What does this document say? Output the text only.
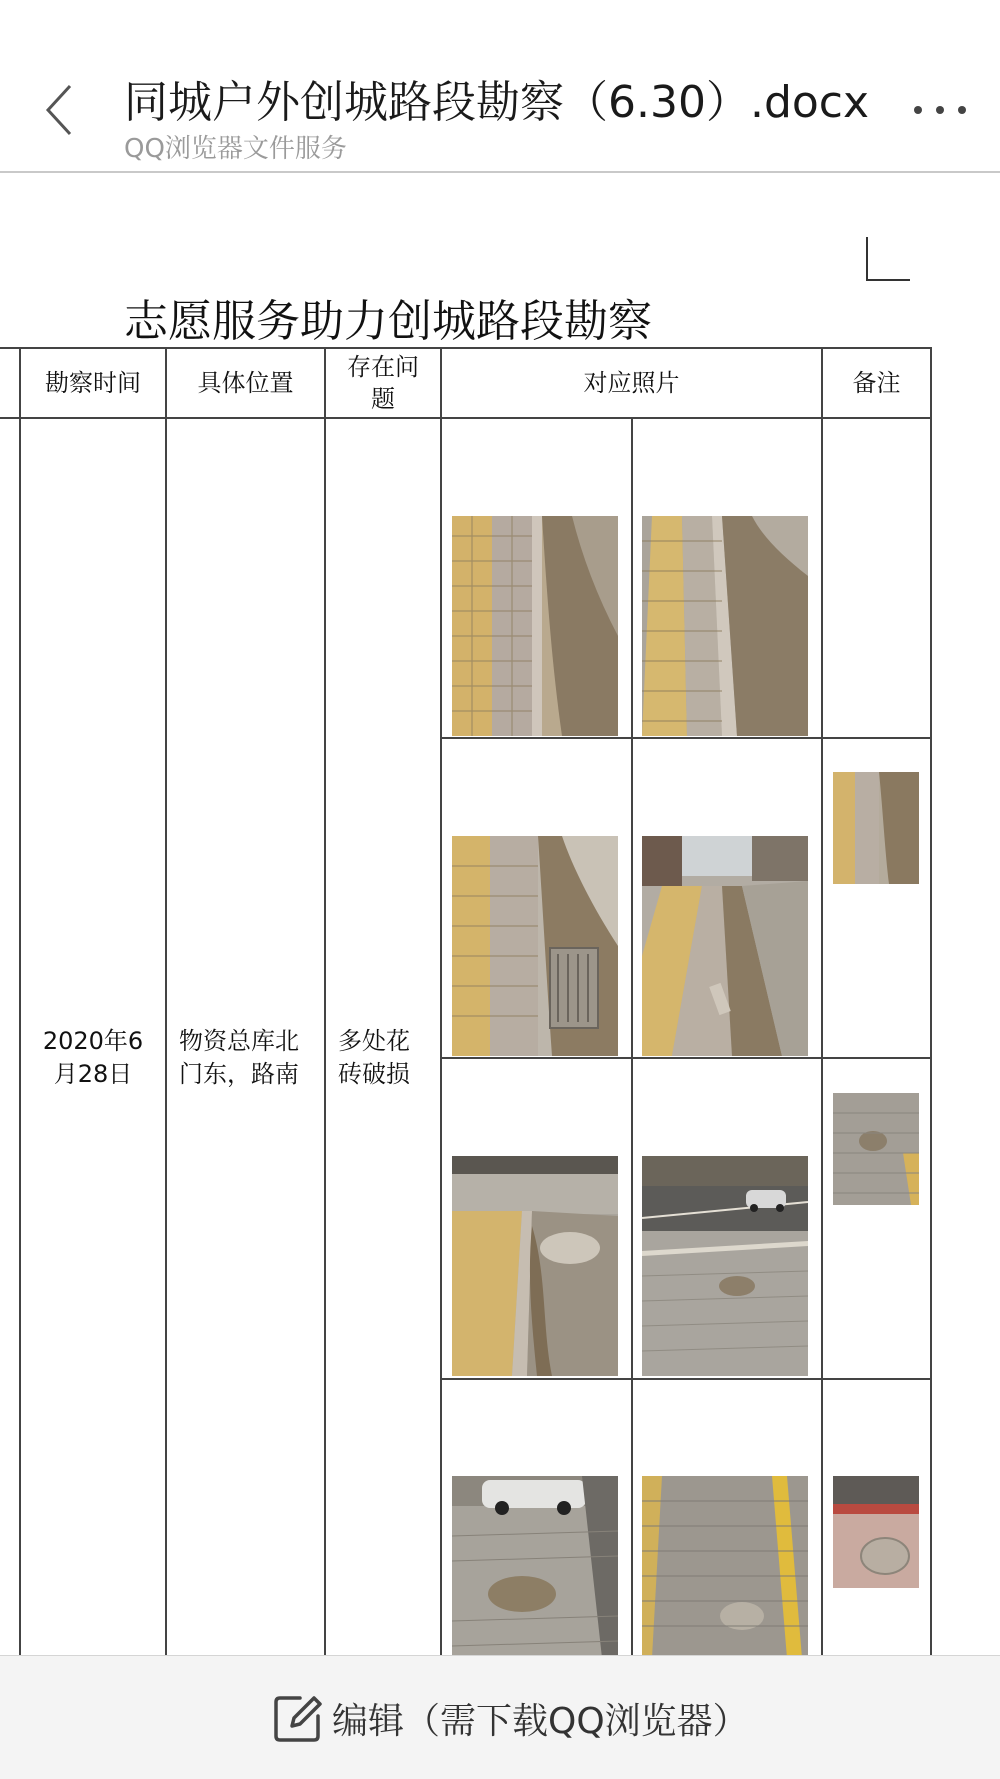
同城户外创城路段勘察（6.30）.docx
QQ浏览器文件服务
志愿服务助力创城路段勘察
勘察时间	具体位置
存在问
题
对应照片	备注
2020年6
月28日
物资总库北
门东，路南
多处花
砖破损
编辑（需下载QQ浏览器）
